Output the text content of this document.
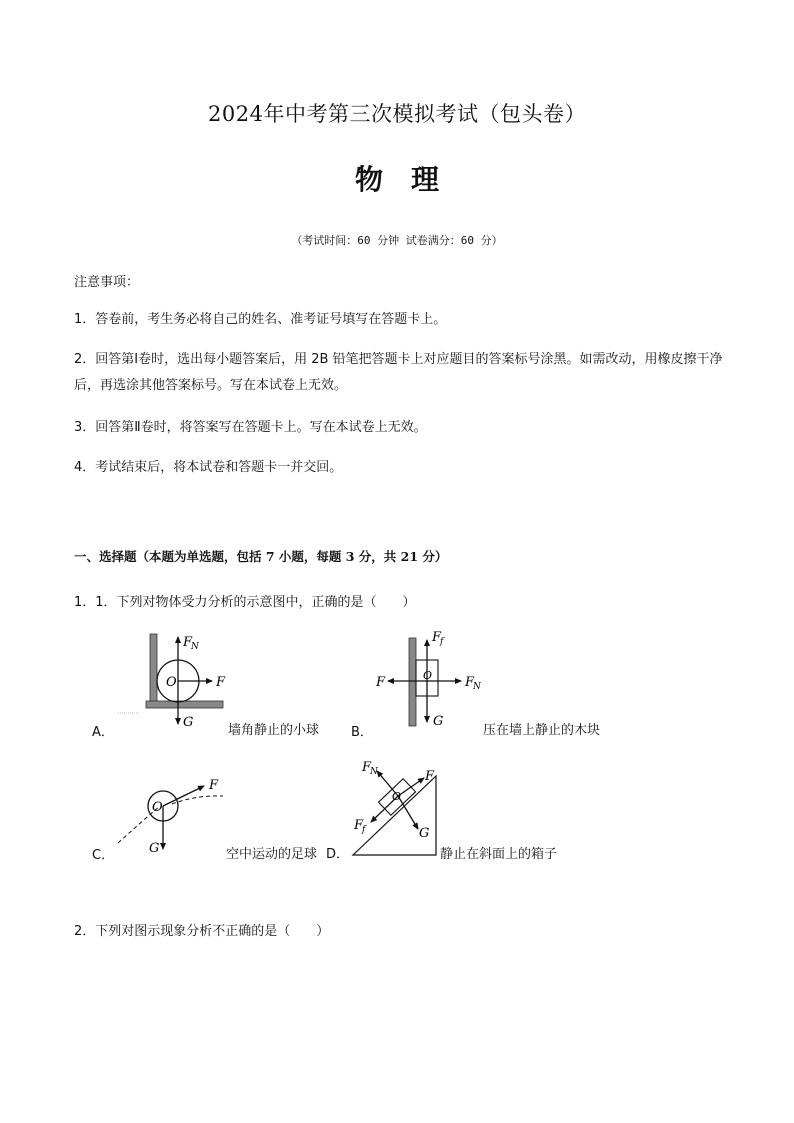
2024年中考第三次模拟考试（包头卷）
物理
（考试时间：60 分钟 试卷满分：60 分）
注意事项：
1．答卷前，考生务必将自己的姓名、准考证号填写在答题卡上。
2．回答第Ⅰ卷时，选出每小题答案后，用 2B 铅笔把答题卡上对应题目的答案标号涂黑。如需改动，用橡皮擦干净后，再选涂其他答案标号。写在本试卷上无效。
3．回答第Ⅱ卷时，将答案写在答题卡上。写在本试卷上无效。
4．考试结束后，将本试卷和答题卡一并交回。
一、选择题（本题为单选题，包括 7 小题，每题 3 分，共 21 分）
1．1．下列对物体受力分析的示意图中，正确的是（　　）
A．	墙角静止的小球 B．	压在墙上静止的木块
C．	空中运动的足球 D．	静止在斜面上的箱子
O
F
N
F
G
O
F
f
F	F
N
G
O
F
G
O
F
N	F
F
f	G
2．下列对图示现象分析不正确的是（　　）
